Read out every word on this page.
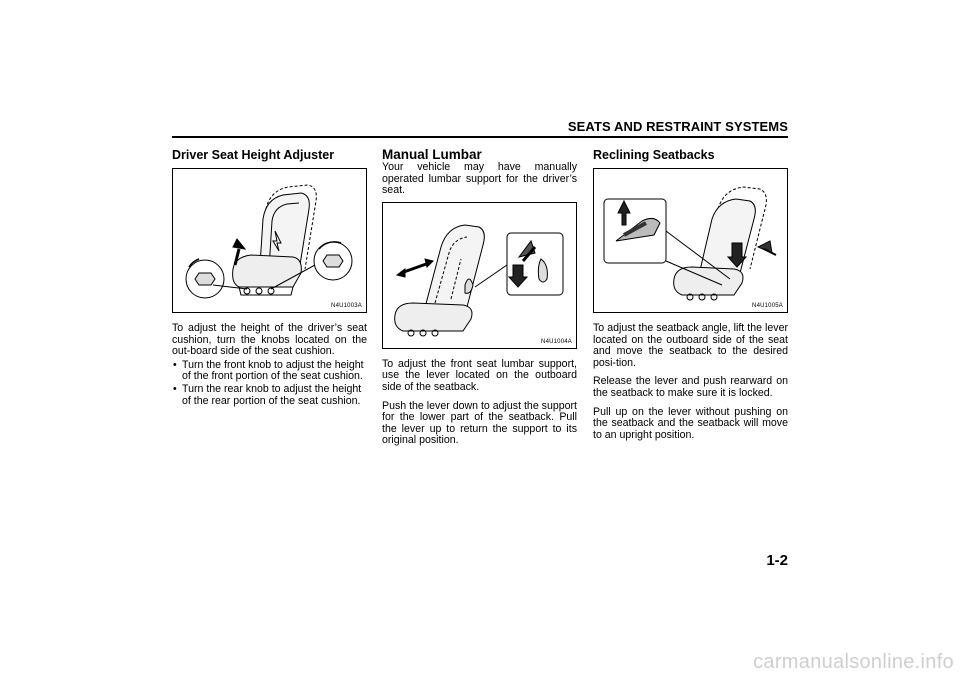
SEATS AND RESTRAINT SYSTEMS
Driver Seat Height Adjuster
N4U1003A

To adjust the height of the driver’s seat cushion, turn the knobs located on the out-board side of the seat cushion.

• Turn the front knob to adjust the height of the front portion of the seat cushion.
• Turn the rear knob to adjust the height of the rear portion of the seat cushion.
Manual Lumbar

Your vehicle may have manually operated lumbar support for the driver’s seat.

N4U1004A

To adjust the front seat lumbar support, use the lever located on the outboard side of the seatback.

Push the lever down to adjust the support for the lower part of the seatback. Pull the lever up to return the support to its original position.

Reclining Seatbacks
N4U1005A

To adjust the seatback angle, lift the lever located on the outboard side of the seat and move the seatback to the desired posi-tion.

Release the lever and push rearward on the seatback to make sure it is locked.

Pull up on the lever without pushing on the seatback and the seatback will move to an upright position.

1-2
carmanualsonline.info
